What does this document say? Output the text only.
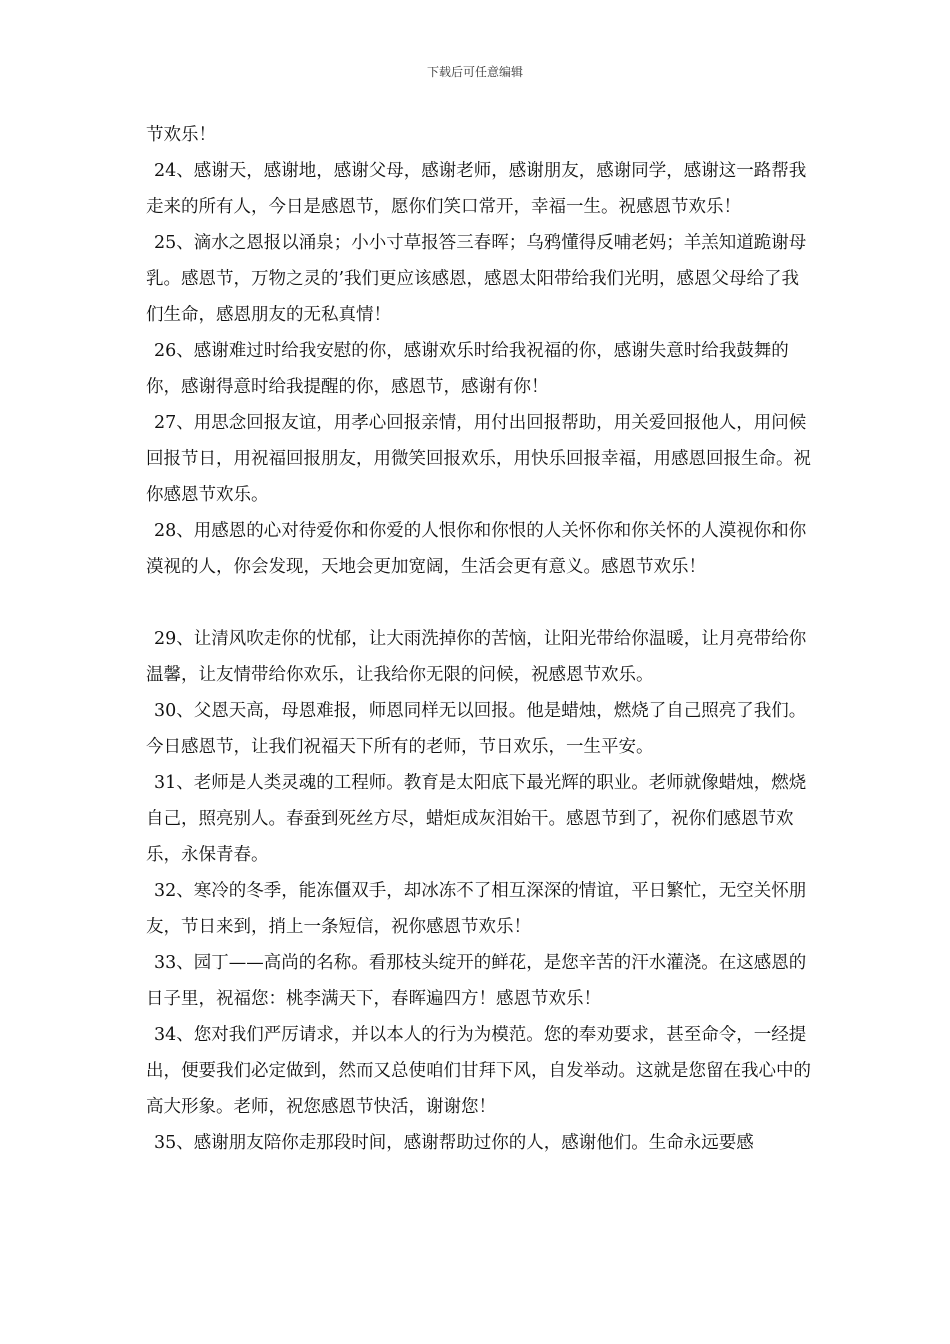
下载后可任意编辑

节欢乐！

24、感谢天，感谢地，感谢父母，感谢老师，感谢朋友，感谢同学，感谢这一路帮我走来的所有人，今日是感恩节，愿你们笑口常开，幸福一生。祝感恩节欢乐！

25、滴水之恩报以涌泉；小小寸草报答三春晖；乌鸦懂得反哺老妈；羊羔知道跪谢母乳。感恩节，万物之灵的’我们更应该感恩，感恩太阳带给我们光明，感恩父母给了我们生命，感恩朋友的无私真情！

26、感谢难过时给我安慰的你，感谢欢乐时给我祝福的你，感谢失意时给我鼓舞的你，感谢得意时给我提醒的你，感恩节，感谢有你！

27、用思念回报友谊，用孝心回报亲情，用付出回报帮助，用关爱回报他人，用问候回报节日，用祝福回报朋友，用微笑回报欢乐，用快乐回报幸福，用感恩回报生命。祝你感恩节欢乐。

28、用感恩的心对待爱你和你爱的人恨你和你恨的人关怀你和你关怀的人漠视你和你漠视的人，你会发现，天地会更加宽阔，生活会更有意义。感恩节欢乐！

29、让清风吹走你的忧郁，让大雨洗掉你的苦恼，让阳光带给你温暖，让月亮带给你温馨，让友情带给你欢乐，让我给你无限的问候，祝感恩节欢乐。

30、父恩天高，母恩难报，师恩同样无以回报。他是蜡烛，燃烧了自己照亮了我们。今日感恩节，让我们祝福天下所有的老师，节日欢乐，一生平安。

31、老师是人类灵魂的工程师。教育是太阳底下最光辉的职业。老师就像蜡烛，燃烧自己，照亮别人。春蚕到死丝方尽，蜡炬成灰泪始干。感恩节到了，祝你们感恩节欢乐，永保青春。

32、寒冷的冬季，能冻僵双手，却冰冻不了相互深深的情谊，平日繁忙，无空关怀朋友，节日来到，捎上一条短信，祝你感恩节欢乐！

33、园丁——高尚的名称。看那枝头绽开的鲜花，是您辛苦的汗水灌浇。在这感恩的日子里，祝福您：桃李满天下，春晖遍四方！感恩节欢乐！

34、您对我们严厉请求，并以本人的行为为模范。您的奉劝要求，甚至命令，一经提出，便要我们必定做到，然而又总使咱们甘拜下风，自发举动。这就是您留在我心中的高大形象。老师，祝您感恩节快活，谢谢您！

35、感谢朋友陪你走那段时间，感谢帮助过你的人，感谢他们。生命永远要感
